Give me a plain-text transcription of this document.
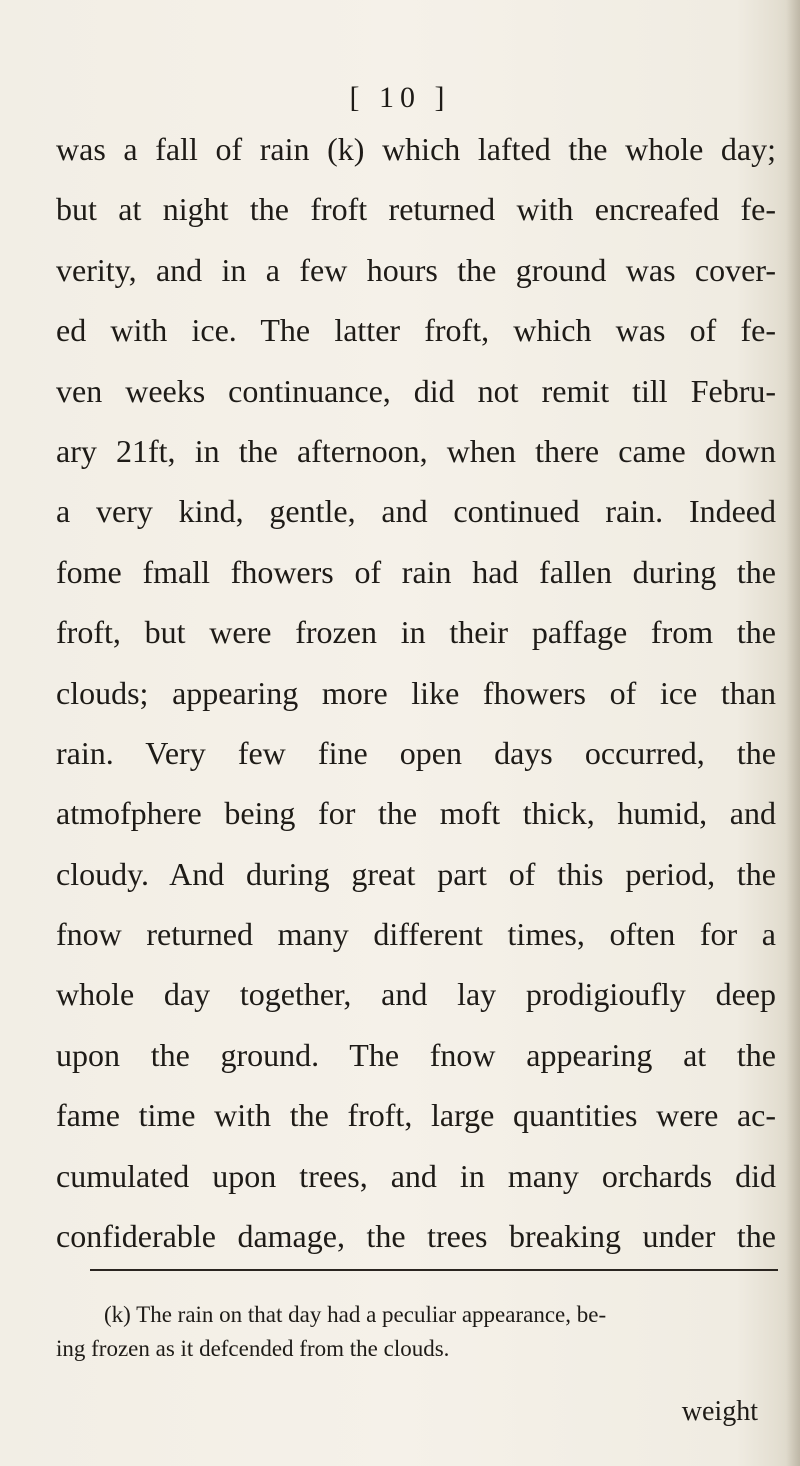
[ 10 ]
was a fall of rain (k) which lafted the whole day;
but at night the froft returned with encreafed fe-
verity, and in a few hours the ground was cover-
ed with ice. The latter froft, which was of fe-
ven weeks continuance, did not remit till Febru-
ary 21ft, in the afternoon, when there came down
a very kind, gentle, and continued rain. Indeed
fome fmall fhowers of rain had fallen during the
froft, but were frozen in their paffage from the
clouds; appearing more like fhowers of ice than
rain. Very few fine open days occurred, the
atmofphere being for the moft thick, humid, and
cloudy. And during great part of this period, the
fnow returned many different times, often for a
whole day together, and lay prodigioufly deep
upon the ground. The fnow appearing at the
fame time with the froft, large quantities were ac-
cumulated upon trees, and in many orchards did
confiderable damage, the trees breaking under the
(k) The rain on that day had a peculiar appearance, be-
ing frozen as it defcended from the clouds.
weight
